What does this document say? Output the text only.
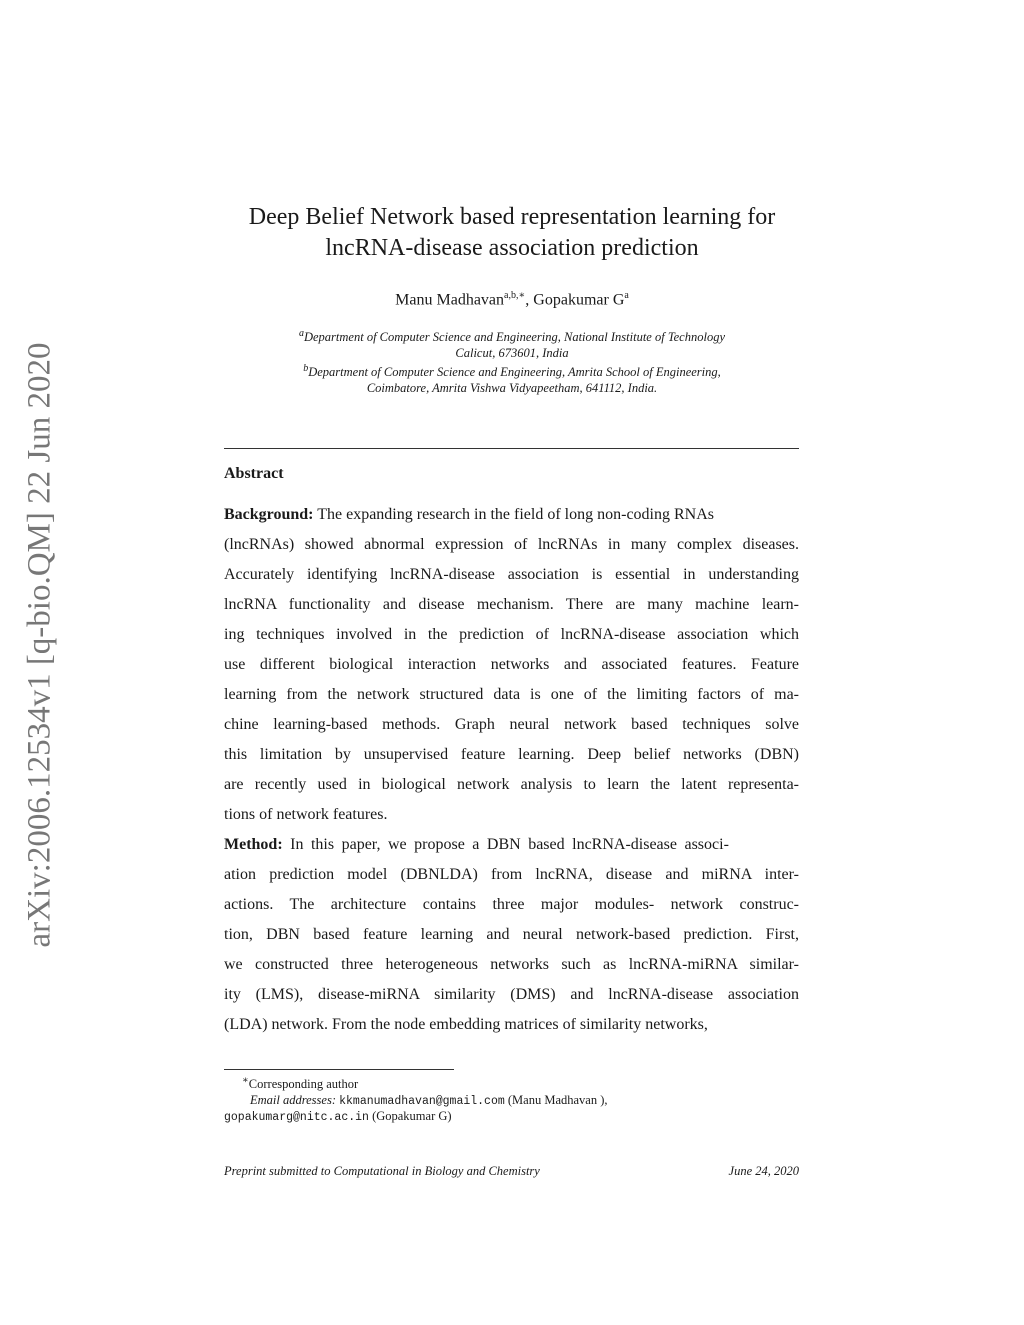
arXiv:2006.12534v1 [q-bio.QM] 22 Jun 2020
Deep Belief Network based representation learning for
lncRNA-disease association prediction
Manu Madhavan$^{a,b,∗}$, Gopakumar $G^a$
$^a$Department of Computer Science and Engineering, National Institute of Technology
Calicut, 673601, India
$^b$Department of Computer Science and Engineering, Amrita School of Engineering,
Coimbatore, Amrita Vishwa Vidyapeetham, 641112, India.
Abstract
Background: The expanding research in the field of long non-coding RNAs
(lncRNAs) showed abnormal expression of lncRNAs in many complex diseases.
Accurately identifying lncRNA-disease association is essential in understanding
lncRNA functionality and disease mechanism. There are many machine learn-
ing techniques involved in the prediction of lncRNA-disease association which
use different biological interaction networks and associated features. Feature
learning from the network structured data is one of the limiting factors of ma-
chine learning-based methods. Graph neural network based techniques solve
this limitation by unsupervised feature learning. Deep belief networks (DBN)
are recently used in biological network analysis to learn the latent representa-
tions of network features.
Method: In this paper, we propose a DBN based lncRNA-disease associ-
ation prediction model (DBNLDA) from lncRNA, disease and miRNA inter-
actions. The architecture contains three major modules- network construc-
tion, DBN based feature learning and neural network-based prediction. First,
we constructed three heterogeneous networks such as lncRNA-miRNA similar-
ity (LMS), disease-miRNA similarity (DMS) and lncRNA-disease association
(LDA) network. From the node embedding matrices of similarity networks,
∗Corresponding author
Email addresses: kkmanumadhavan@gmail.com (Manu Madhavan ),
gopakumarg@nitc.ac.in (Gopakumar G)
Preprint submitted to Computational in Biology and Chemistry	June 24, 2020
